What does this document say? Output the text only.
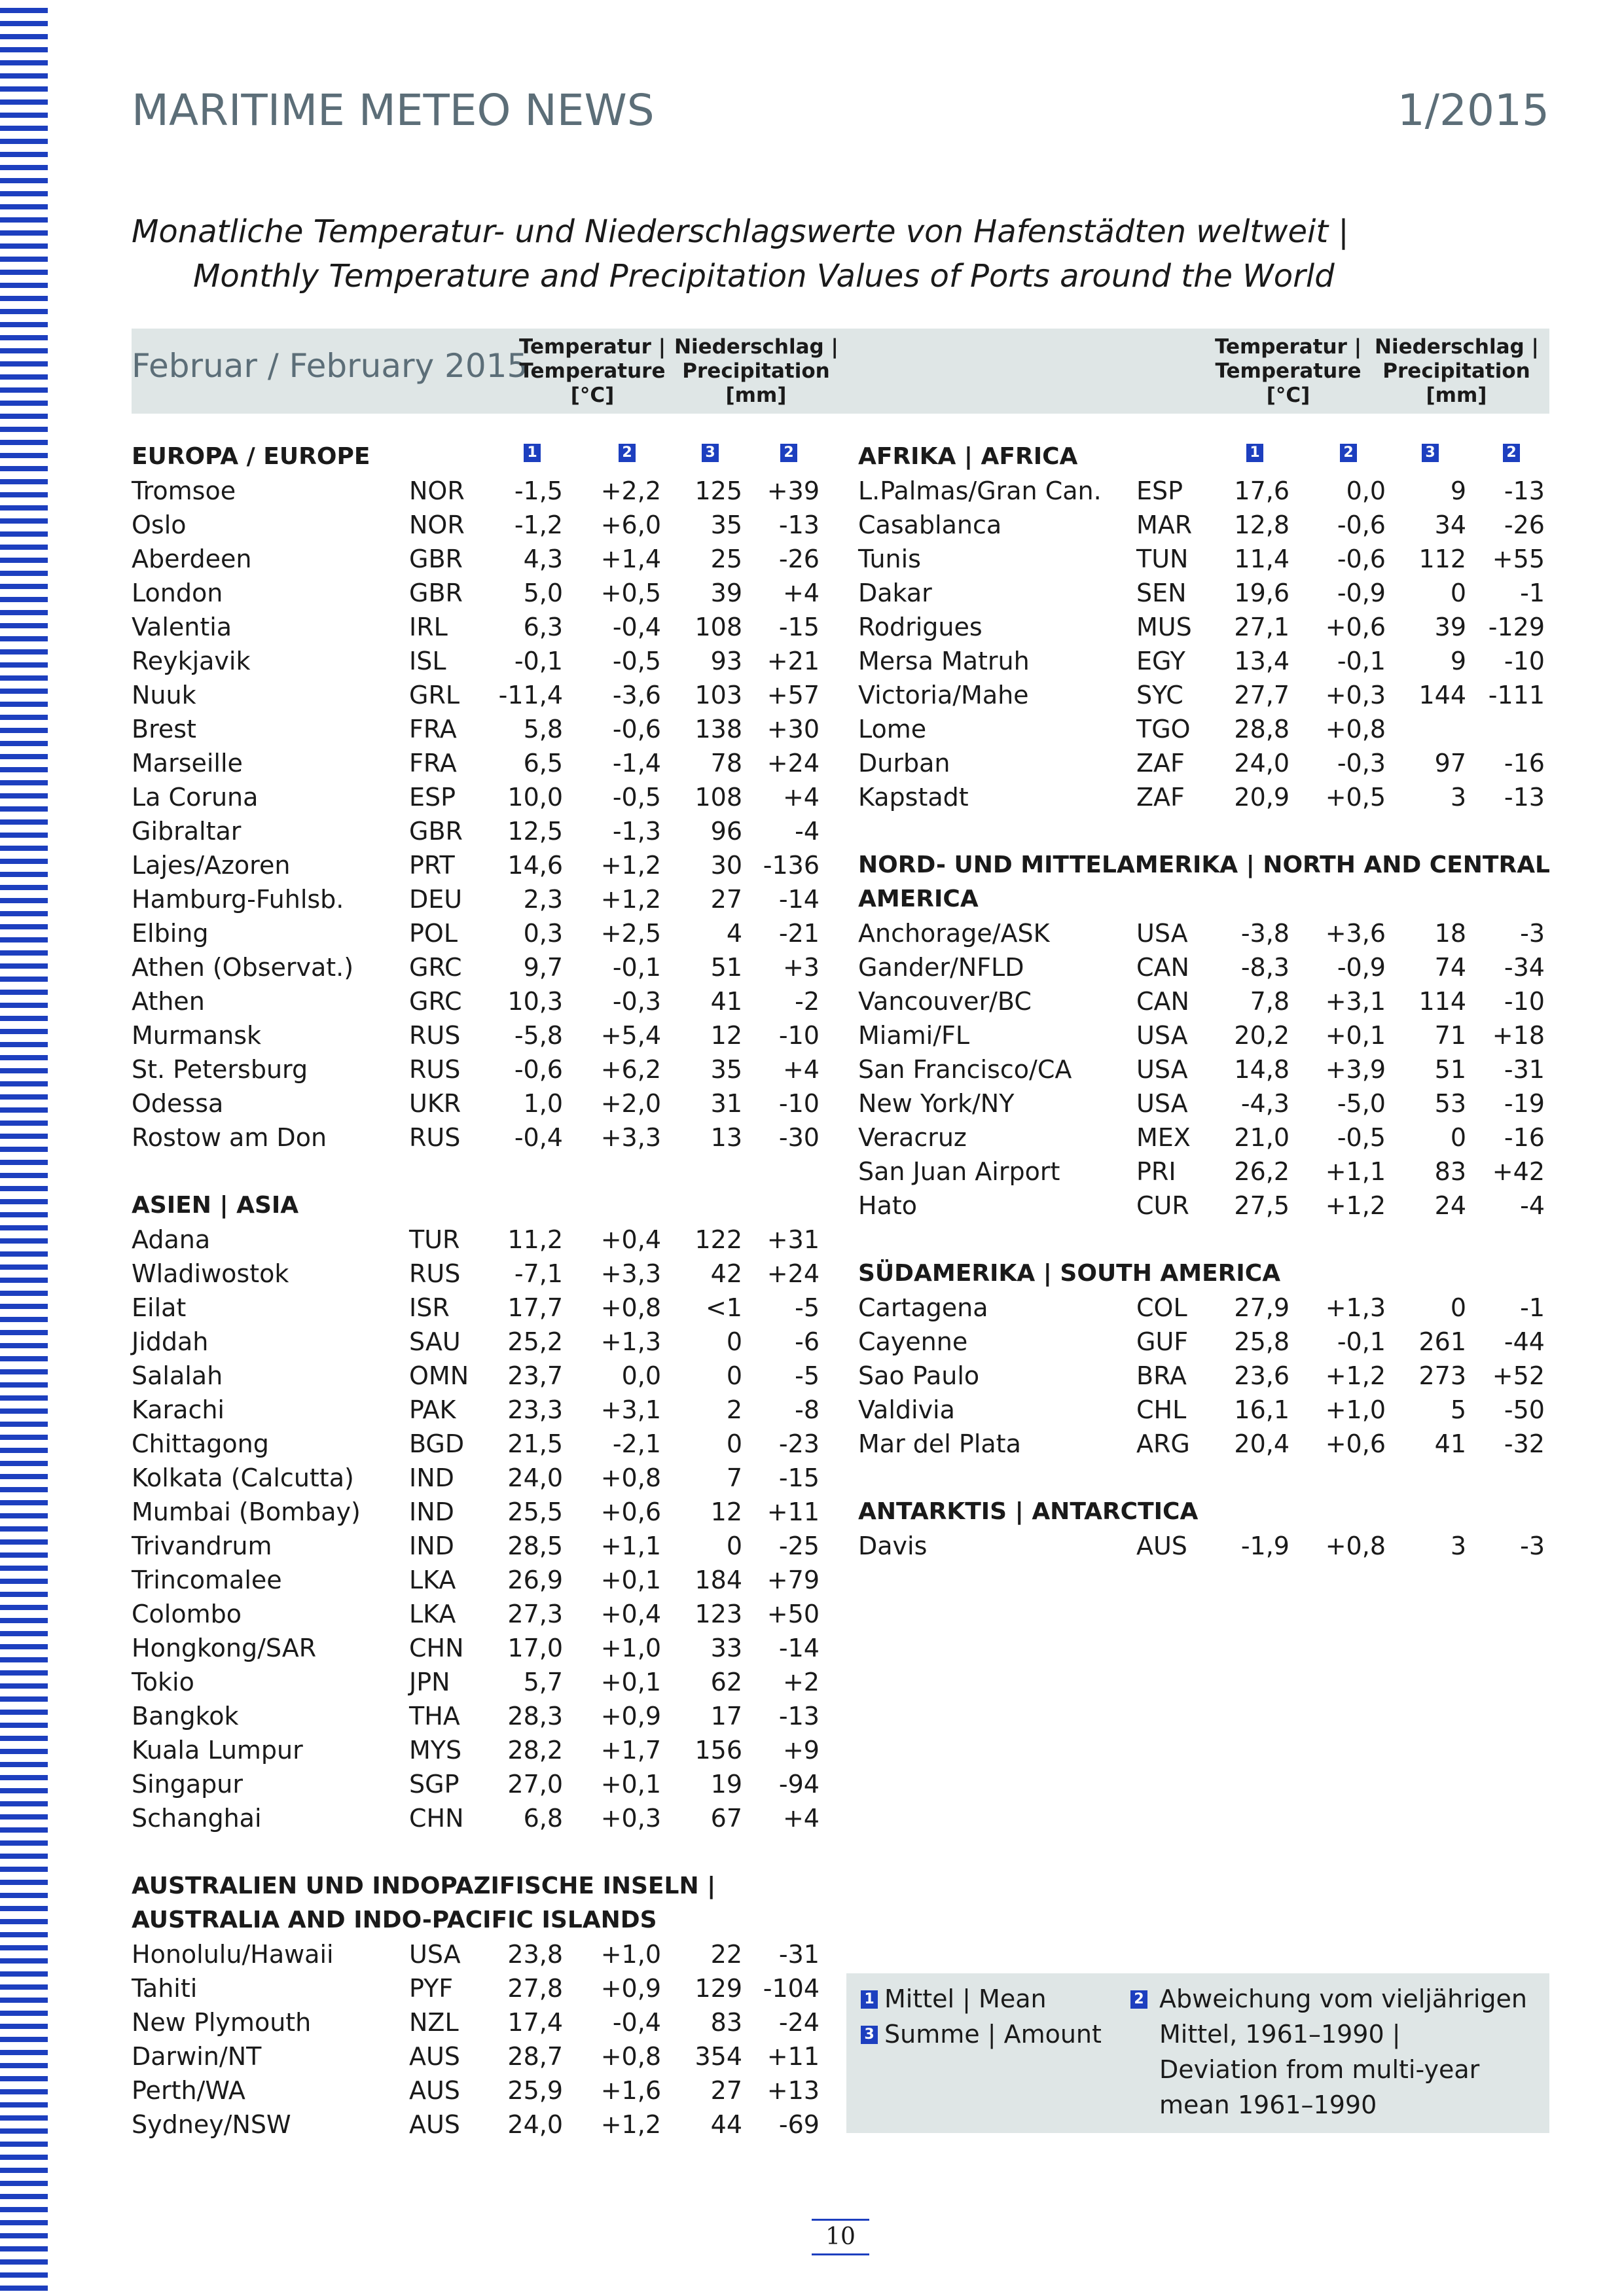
MARITIME METEO NEWS	1/2015
Monatliche Temperatur- und Niederschlagswerte von Hafenstädten weltweit |
Monthly Temperature and Precipitation Values of Ports around the World
Februar / February 2015
Temperatur |
Temperature
[°C]
Niederschlag |
Precipitation
[mm]
Temperatur |
Temperature
[°C]
Niederschlag |
Precipitation
[mm]
EUROPA / EUROPE	1	2	3	2
Tromsoe	NOR -1,5 +2,2 125 +39
Oslo	NOR -1,2 +6,0 35 -13
Aberdeen	GBR 4,3 +1,4 25 -26
London	GBR 5,0 +0,5 39 +4
Valentia	IRL	6,3 -0,4 108 -15
Reykjavik	ISL	-0,1 -0,5 93 +21
Nuuk	GRL -11,4 -3,6 103 +57
Brest	FRA	5,8 -0,6 138 +30
Marseille	FRA	6,5 -1,4 78 +24
La Coruna	ESP 10,0 -0,5 108 +4
Gibraltar	GBR 12,5 -1,3 96 -4
Lajes/Azoren	PRT 14,6 +1,2 30 -136
Hamburg-Fuhlsb.	DEU 2,3 +1,2 27 -14
Elbing	POL	0,3 +2,5	4 -21
Athen (Observat.) GRC 9,7 -0,1 51 +3
Athen	GRC 10,3 -0,3 41 -2
Murmansk	RUS -5,8 +5,4 12 -10
St. Petersburg	RUS -0,6 +6,2 35 +4
Odessa	UKR	1,0 +2,0 31 -10
Rostow am Don	RUS -0,4 +3,3 13 -30
ASIEN | ASIA
Adana	TUR 11,2 +0,4 122 +31
Wladiwostok	RUS -7,1 +3,3 42 +24
Eilat	ISR 17,7 +0,8 <1 -5
Jiddah	SAU 25,2 +1,3	0 -6
Salalah	OMN 23,7 0,0	0 -5
Karachi	PAK 23,3 +3,1	2 -8
Chittagong	BGD 21,5 -2,1	0 -23
Kolkata (Calcutta) IND 24,0 +0,8	7 -15
Mumbai (Bombay) IND 25,5 +0,6 12 +11
Trivandrum	IND 28,5 +1,1	0 -25
Trincomalee	LKA 26,9 +0,1 184 +79
Colombo	LKA 27,3 +0,4 123 +50
Hongkong/SAR	CHN 17,0 +1,0 33 -14
Tokio	JPN	5,7 +0,1 62 +2
Bangkok	THA 28,3 +0,9 17 -13
Kuala Lumpur	MYS 28,2 +1,7 156 +9
Singapur	SGP 27,0 +0,1 19 -94
Schanghai	CHN 6,8 +0,3 67 +4
AUSTRALIEN UND INDOPAZIFISCHE INSELN |
AUSTRALIA AND INDO-PACIFIC ISLANDS
Honolulu/Hawaii	USA 23,8 +1,0 22 -31
Tahiti	PYF 27,8 +0,9 129 -104
New Plymouth	NZL 17,4 -0,4 83 -24
Darwin/NT	AUS 28,7 +0,8 354 +11
Perth/WA	AUS 25,9 +1,6 27 +13
Sydney/NSW	AUS 24,0 +1,2 44 -69
AFRIKA | AFRICA	1	2	3	2
L.Palmas/Gran Can. ESP 17,6 0,0	9 -13
Casablanca	MAR 12,8 -0,6 34 -26
Tunis	TUN 11,4 -0,6 112 +55
Dakar	SEN 19,6 -0,9	0 -1
Rodrigues	MUS 27,1 +0,6 39 -129
Mersa Matruh	EGY 13,4 -0,1	9 -10
Victoria/Mahe	SYC 27,7 +0,3 144 -111
Lome	TGO 28,8 +0,8
Durban	ZAF 24,0 -0,3 97 -16
Kapstadt	ZAF 20,9 +0,5	3 -13
NORD- UND MITTELAMERIKA | NORTH AND CENTRAL
AMERICA
Anchorage/ASK	USA -3,8 +3,6 18 -3
Gander/NFLD	CAN -8,3 -0,9 74 -34
Vancouver/BC	CAN 7,8 +3,1 114 -10
Miami/FL	USA 20,2 +0,1 71 +18
San Francisco/CA	USA 14,8 +3,9 51 -31
New York/NY	USA -4,3 -5,0 53 -19
Veracruz	MEX 21,0 -0,5	0 -16
San Juan Airport	PRI 26,2 +1,1 83 +42
Hato	CUR 27,5 +1,2 24 -4
SÜDAMERIKA | SOUTH AMERICA
Cartagena	COL 27,9 +1,3	0 -1
Cayenne	GUF 25,8 -0,1 261 -44
Sao Paulo	BRA 23,6 +1,2 273 +52
Valdivia	CHL 16,1 +1,0	5 -50
Mar del Plata	ARG 20,4 +0,6 41 -32
ANTARKTIS | ANTARCTICA
Davis	AUS -1,9 +0,8	3 -3
1 Mittel | Mean
3 Summe | Amount
2 Abweichung vom vieljährigen
Mittel, 1961–1990 |
Deviation from multi-year
mean 1961–1990
10
